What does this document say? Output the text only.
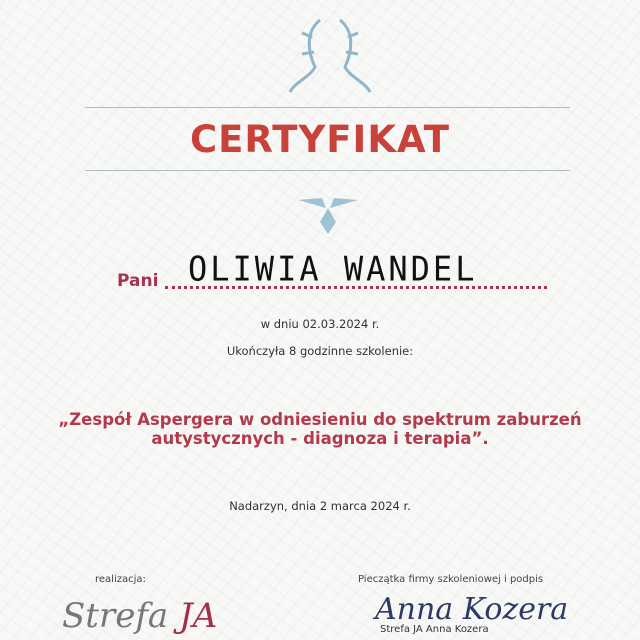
CERTYFIKAT
Pani OLIWIA WANDEL
w dniu 02.03.2024 r.
Ukończyła 8 godzinne szkolenie:
„Zespół Aspergera w odniesieniu do spektrum zaburzeń
autystycznych - diagnoza i terapia”.
Nadarzyn, dnia 2 marca 2024 r.
realizacja:
Strefa JA
Pieczątka firmy szkoleniowej i podpis
Anna Kozera
Strefa JA Anna Kozera
